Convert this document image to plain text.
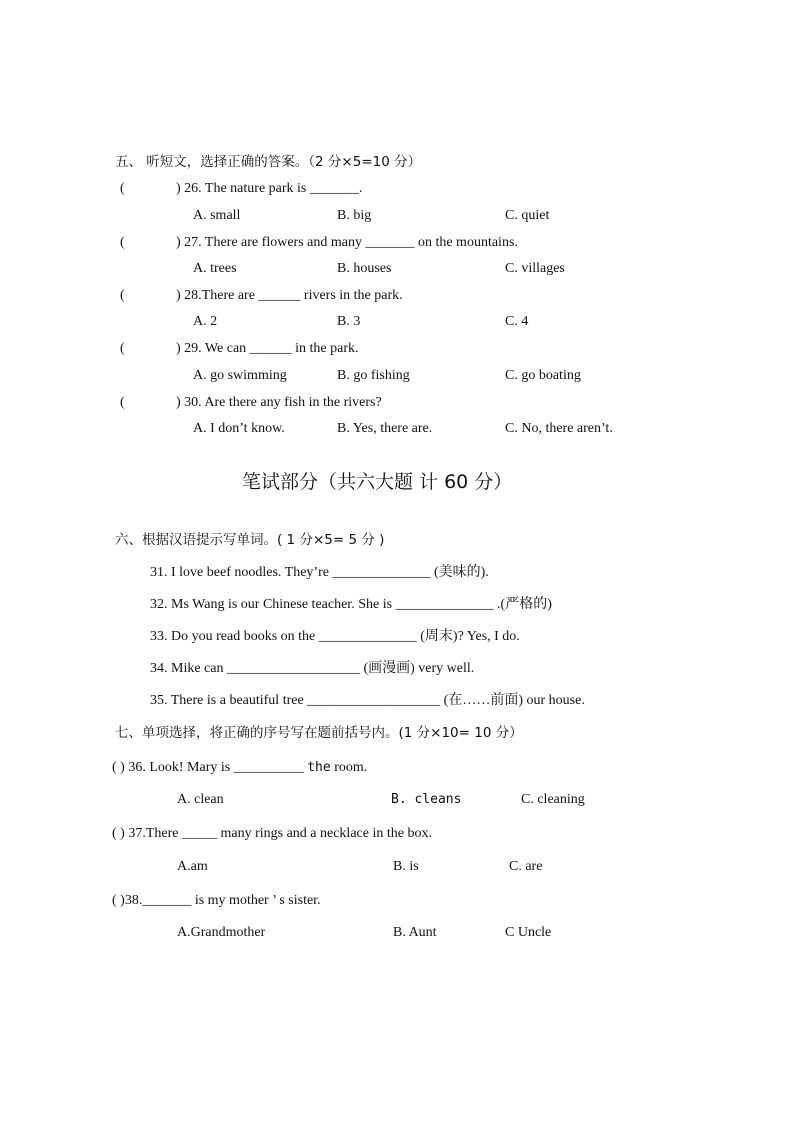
五、 听短文，选择正确的答案。（2 分×5=10 分）
(	) 26. The nature park is _______.
A. small	B. big	C. quiet
(	) 27. There are flowers and many _______ on the mountains.
A. trees	B. houses	C. villages
(	) 28.There are ______ rivers in the park.
A. 2	B. 3	C. 4
(	) 29. We can ______ in the park.
A. go swimming	B. go fishing	C. go boating
(	) 30. Are there any fish in the rivers?
A. I don’t know.	B. Yes, there are.	C. No, there aren’t.
笔试部分（共六大题 计 60 分）
六、根据汉语提示写单词。( 1 分×5= 5 分 )
31. I love beef noodles. They’re ______________ (美味的).
32. Ms Wang is our Chinese teacher. She is ______________ .(严格的)
33. Do you read books on the ______________ (周末)? Yes, I do.
34. Mike can ___________________ (画漫画) very well.
35. There is a beautiful tree ___________________ (在……前面) our house.
七、单项选择，将正确的序号写在题前括号内。(1 分×10= 10 分）
( ) 36. Look! Mary is __________ the room.
A. clean	B. cleans	C. cleaning
( ) 37.There _____ many rings and a necklace in the box.
A.am	B. is	C. are
( )38._______ is my mother ’ s sister.
A.Grandmother	B. Aunt	C Uncle
